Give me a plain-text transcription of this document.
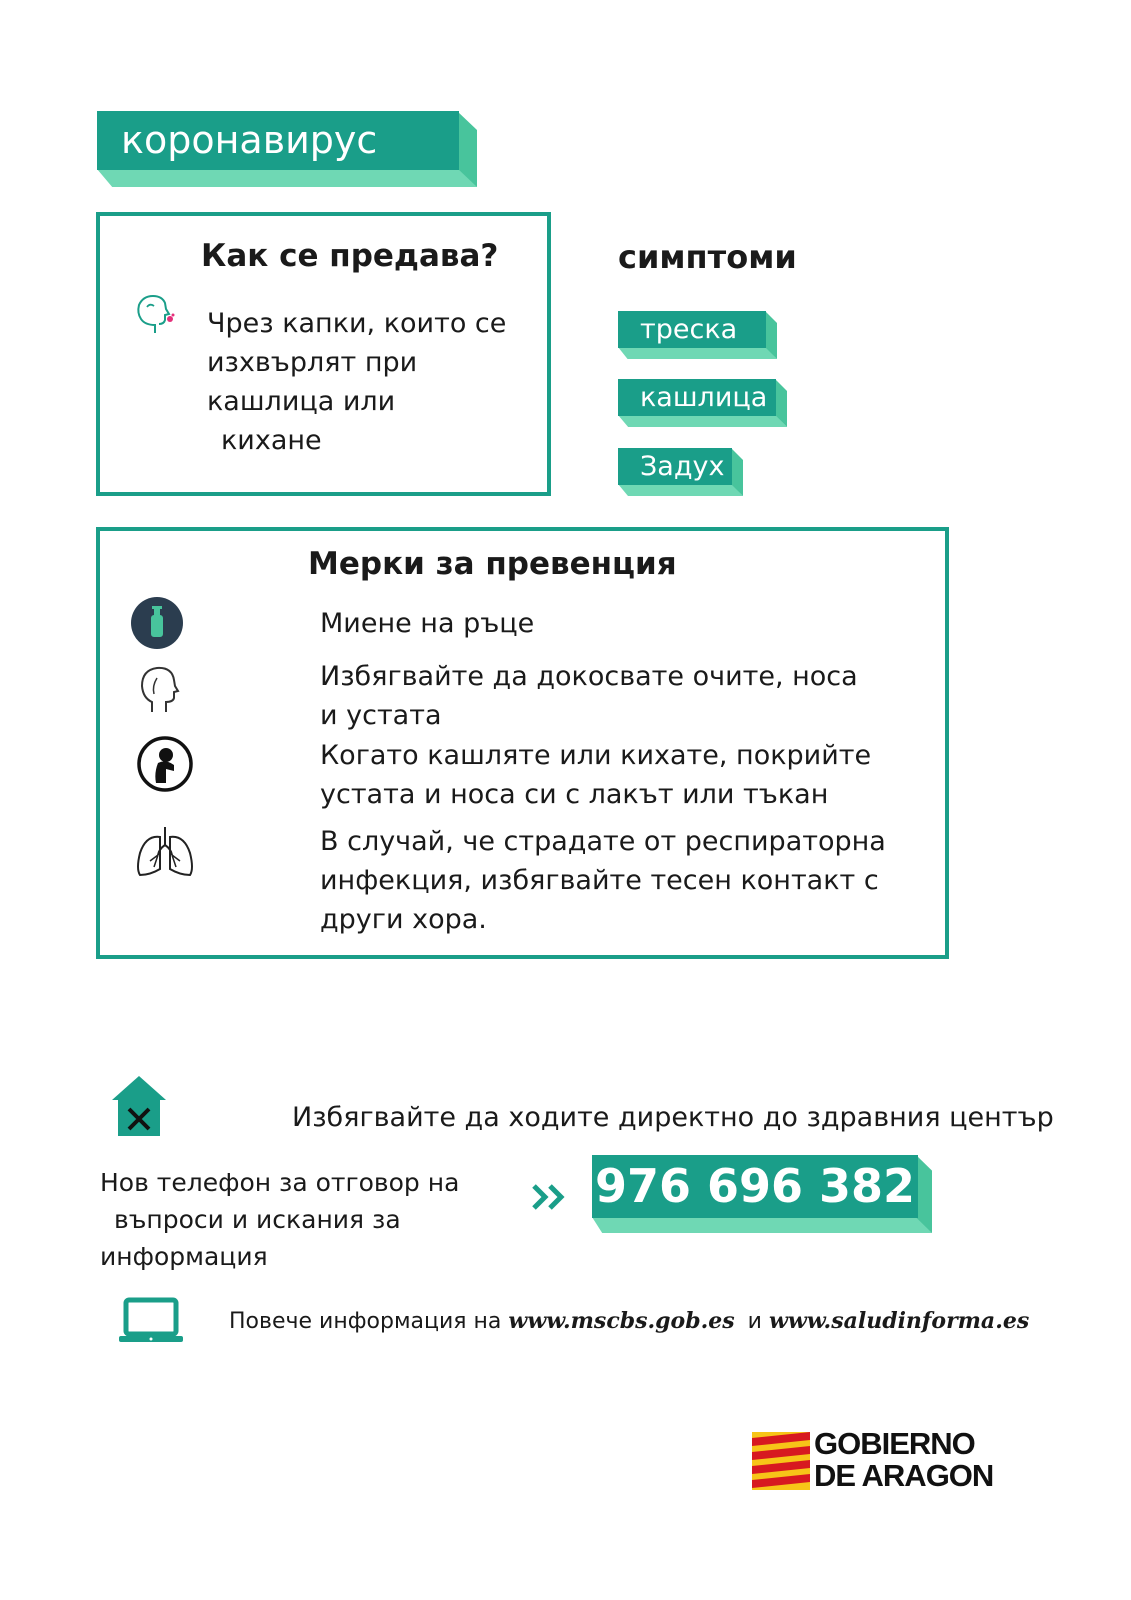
коронавирус
Как се предава?
Чрез капки, които се
изхвърлят при
кашлица или
кихане
симптоми
треска
кашлица
Задух
Мерки за превенция
Миене на ръце
Избягвайте да докосвате очите, носа
и устата
Когато кашляте или кихате, покрийте
устата и носа си с лакът или тъкан
В случай, че страдате от респираторна
инфекция, избягвайте тесен контакт с
други хора.
Избягвайте да ходите директно до здравния център
Нов телефон за отговор на
въпроси и искания за
информация
976 696 382
Повече информация на www.mscbs.gob.es и www.saludinforma.es
GOBIERNO
DE ARAGON
